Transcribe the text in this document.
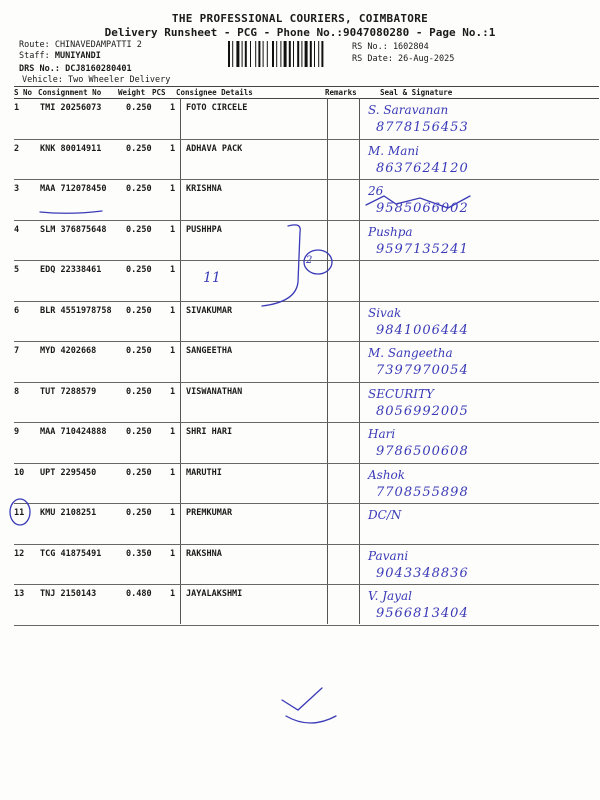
THE PROFESSIONAL COURIERS, COIMBATORE
Delivery Runsheet - PCG - Phone No.:9047080280 - Page No.:1
Route: CHINAVEDAMPATTI 2
Staff: MUNIYANDI
DRS No.: DCJ8160280401
Vehicle: Two Wheeler Delivery
RS No.: 1602804
RS Date: 26-Aug-2025
S No Consignment No Weight PCS Consignee Details	Remarks	Seal & Signature
1 TMI 20256073	0.250 1 FOTO CIRCELE	S. Saravanan
8778156453
2 KNK 80014911	0.250 1 ADHAVA PACK	M. Mani
8637624120
3 MAA 712078450 0.250 1 KRISHNA	26
9585066002
4 SLM 376875648 0.250 1 PUSHHPA	Pushpa
9597135241
5 EDQ 22338461	0.250 1
6 BLR 4551978758 0.250 1 SIVAKUMAR	Sivak
9841006444
7 MYD 4202668	0.250 1 SANGEETHA	M. Sangeetha
7397970054
8 TUT 7288579	0.250 1 VISWANATHAN	SECURITY
8056992005
9 MAA 710424888 0.250 1 SHRI HARI	Hari
9786500608
10 UPT 2295450	0.250 1 MARUTHI	Ashok
7708555898
11 KMU 2108251	0.250 1 PREMKUMAR	DC/N
12 TCG 41875491	0.350 1 RAKSHNA	Pavani
9043348836
13 TNJ 2150143	0.480 1 JAYALAKSHMI	V. Jayal
9566813404
2
11
